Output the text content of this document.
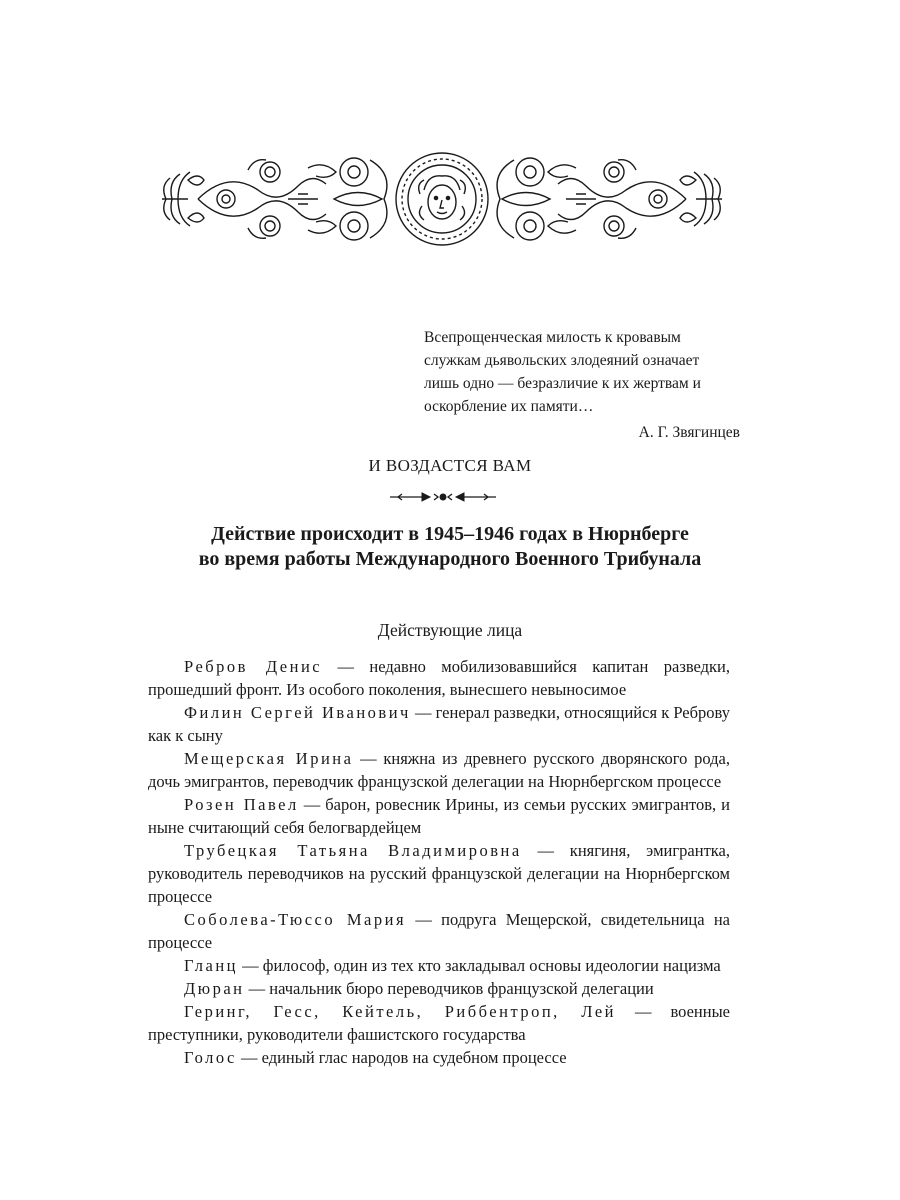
Всепрощенческая милость к кровавым
служкам дьявольских злодеяний означает
лишь одно — безразличие к их жертвам и
оскорбление их памяти…
А. Г. Звягинцев
И ВОЗДАСТСЯ ВАМ
Действие происходит в 1945–1946 годах в Нюрнберге
во время работы Международного Военного Трибунала
Действующие лица

Ребров Денис — недавно мобилизовавшийся капитан разведки, прошедший фронт. Из особого поколения, вынесшего невыносимое

Филин Сергей Иванович — генерал разведки, относящийся к Реброву как к сыну

Мещерская Ирина — княжна из древнего русского дворянского рода, дочь эмигрантов, переводчик французской делегации на Нюрнбергском процессе

Розен Павел — барон, ровесник Ирины, из семьи русских эмигрантов, и ныне считающий себя белогвардейцем

Трубецкая Татьяна Владимировна — княгиня, эмигрантка, руководитель переводчиков на русский французской делегации на Нюрнбергском процессе

Соболева-Тюссо Мария — подруга Мещерской, свидетельница на процессе

Гланц — философ, один из тех кто закладывал основы идеологии нацизма

Дюран — начальник бюро переводчиков французской делегации

Геринг, Гесс, Кейтель, Риббентроп, Лей — военные преступники, руководители фашистского государства

Голос — единый глас народов на судебном процессе
